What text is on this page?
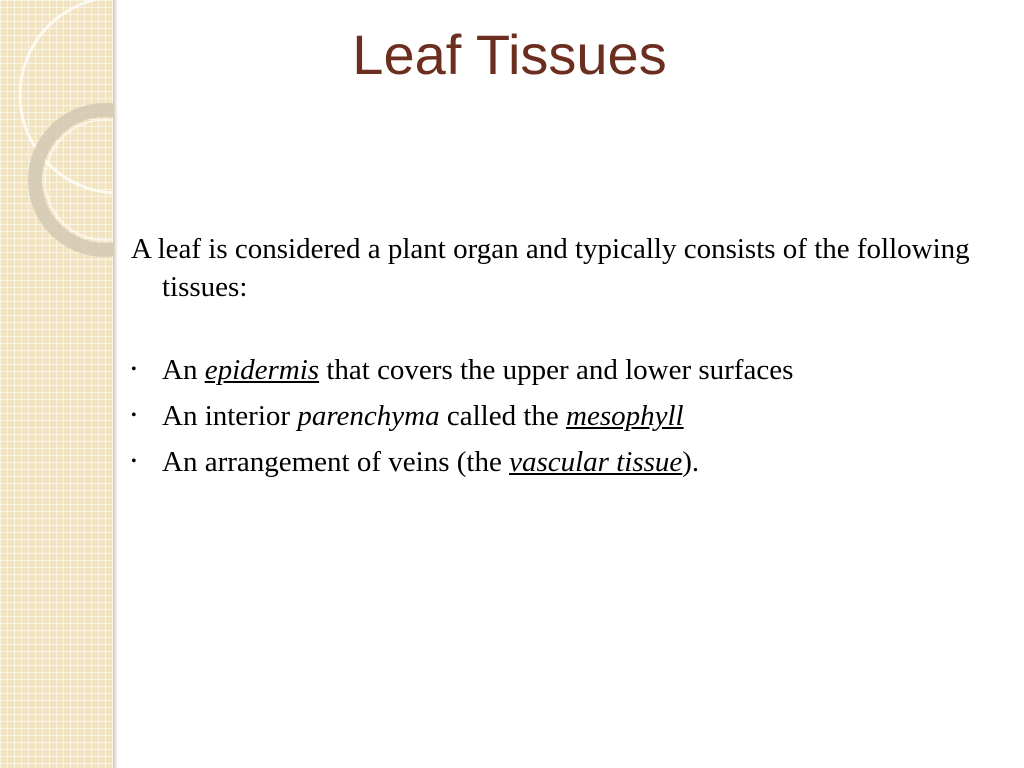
Leaf Tissues

A leaf is considered a plant organ and typically consists of the following tissues:

• An epidermis that covers the upper and lower surfaces
• An interior parenchyma called the mesophyll
• An arrangement of veins (the vascular tissue).
